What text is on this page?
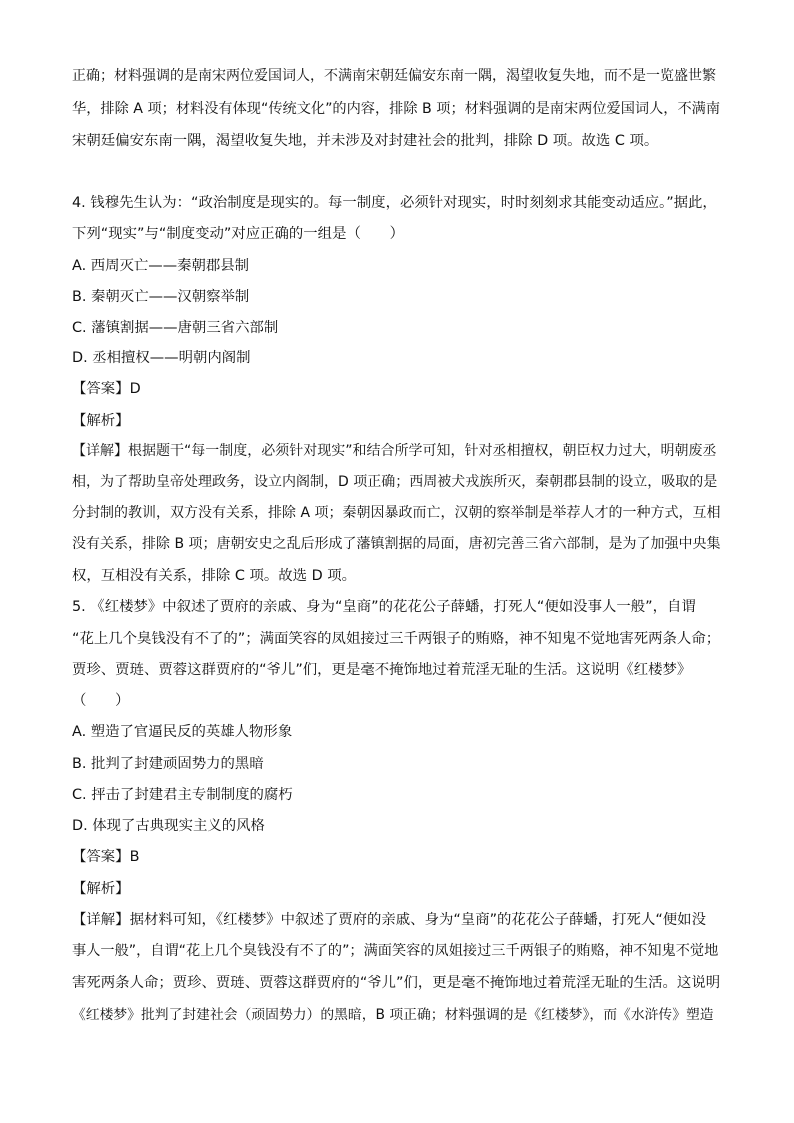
正确；材料强调的是南宋两位爱国词人，不满南宋朝廷偏安东南一隅，渴望收复失地，而不是一览盛世繁
华，排除 A 项；材料没有体现“传统文化”的内容，排除 B 项；材料强调的是南宋两位爱国词人，不满南
宋朝廷偏安东南一隅，渴望收复失地，并未涉及对封建社会的批判，排除 D 项。故选 C 项。
4. 钱穆先生认为：“政治制度是现实的。每一制度，必须针对现实，时时刻刻求其能变动适应。”据此，
下列“现实”与“制度变动”对应正确的一组是（　　）
A. 西周灭亡——秦朝郡县制
B. 秦朝灭亡——汉朝察举制
C. 藩镇割据——唐朝三省六部制
D. 丞相擅权——明朝内阁制
【答案】D
【解析】
【详解】根据题干“每一制度，必须针对现实”和结合所学可知，针对丞相擅权，朝臣权力过大，明朝废丞
相，为了帮助皇帝处理政务，设立内阁制，D 项正确；西周被犬戎族所灭，秦朝郡县制的设立，吸取的是
分封制的教训，双方没有关系，排除 A 项；秦朝因暴政而亡，汉朝的察举制是举荐人才的一种方式，互相
没有关系，排除 B 项；唐朝安史之乱后形成了藩镇割据的局面，唐初完善三省六部制，是为了加强中央集
权，互相没有关系，排除 C 项。故选 D 项。
5. 《红楼梦》中叙述了贾府的亲戚、身为“皇商”的花花公子薛蟠，打死人“便如没事人一般”，自谓
“花上几个臭钱没有不了的”；满面笑容的凤姐接过三千两银子的贿赂，神不知鬼不觉地害死两条人命；
贾珍、贾琏、贾蓉这群贾府的“爷儿”们，更是毫不掩饰地过着荒淫无耻的生活。这说明《红楼梦》
（　　）
A. 塑造了官逼民反的英雄人物形象
B. 批判了封建顽固势力的黑暗
C. 抨击了封建君主专制制度的腐朽
D. 体现了古典现实主义的风格
【答案】B
【解析】
【详解】据材料可知，《红楼梦》中叙述了贾府的亲戚、身为“皇商”的花花公子薛蟠，打死人“便如没
事人一般”，自谓“花上几个臭钱没有不了的”；满面笑容的凤姐接过三千两银子的贿赂，神不知鬼不觉地
害死两条人命；贾珍、贾琏、贾蓉这群贾府的“爷儿”们，更是毫不掩饰地过着荒淫无耻的生活。这说明
《红楼梦》批判了封建社会（顽固势力）的黑暗，B 项正确；材料强调的是《红楼梦》，而《水浒传》塑造
